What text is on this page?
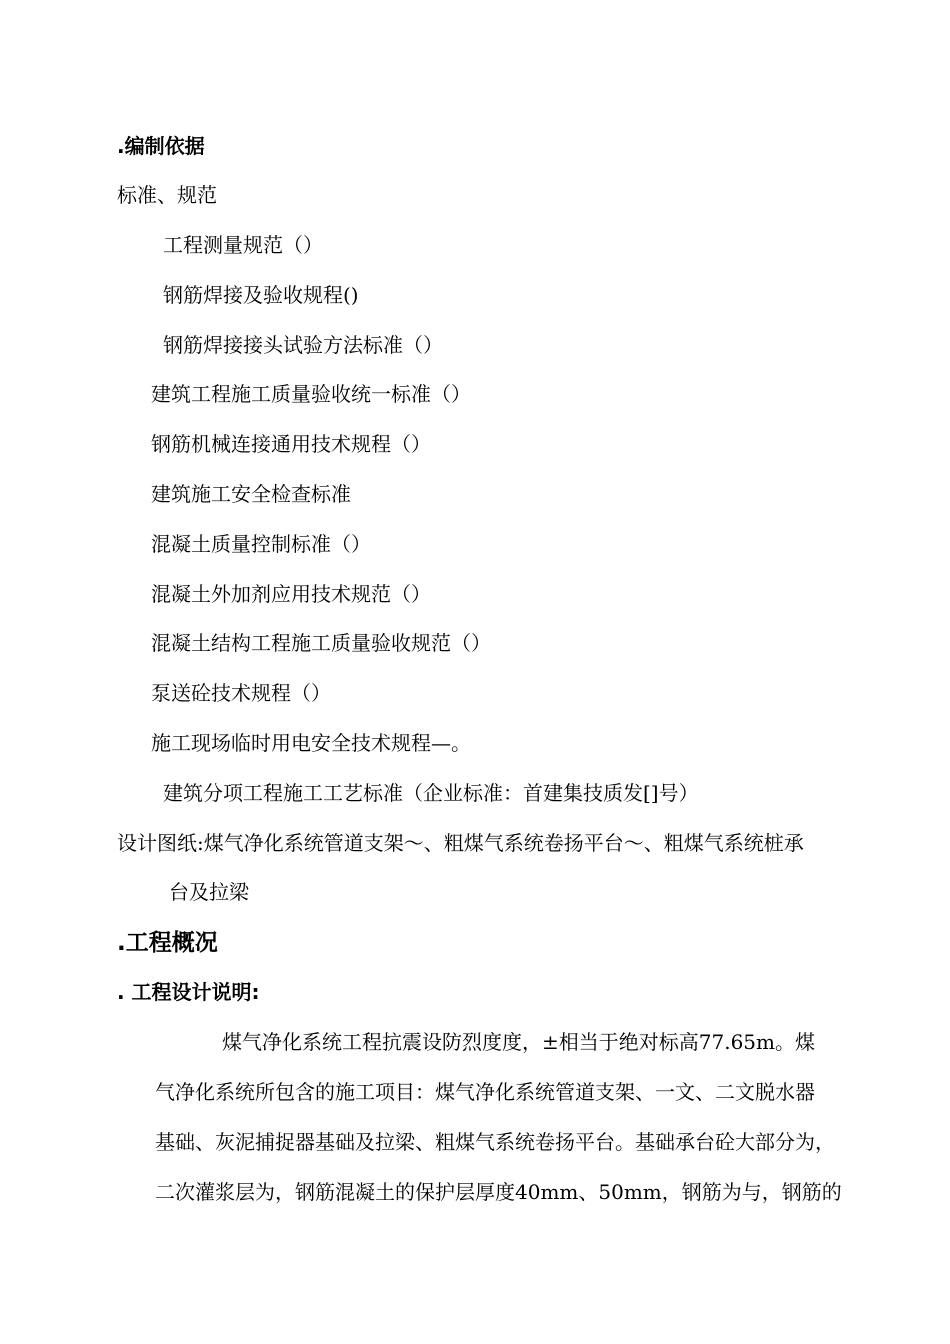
.编制依据
标准、规范
工程测量规范（）
钢筋焊接及验收规程()
钢筋焊接接头试验方法标准（）
建筑工程施工质量验收统一标准（）
钢筋机械连接通用技术规程（）
建筑施工安全检查标准
混凝土质量控制标准（）
混凝土外加剂应用技术规范（）
混凝土结构工程施工质量验收规范（）
泵送砼技术规程（）
施工现场临时用电安全技术规程—。
建筑分项工程施工工艺标准（企业标准：首建集技质发[]号）
设计图纸:煤气净化系统管道支架～、粗煤气系统卷扬平台～、粗煤气系统桩承
台及拉梁
.工程概况
. 工程设计说明:
煤气净化系统工程抗震设防烈度度，±相当于绝对标高77.65m。煤
气净化系统所包含的施工项目：煤气净化系统管道支架、一文、二文脱水器
基础、灰泥捕捉器基础及拉梁、粗煤气系统卷扬平台。基础承台砼大部分为，
二次灌浆层为，钢筋混凝土的保护层厚度40mm、50mm，钢筋为与，钢筋的
